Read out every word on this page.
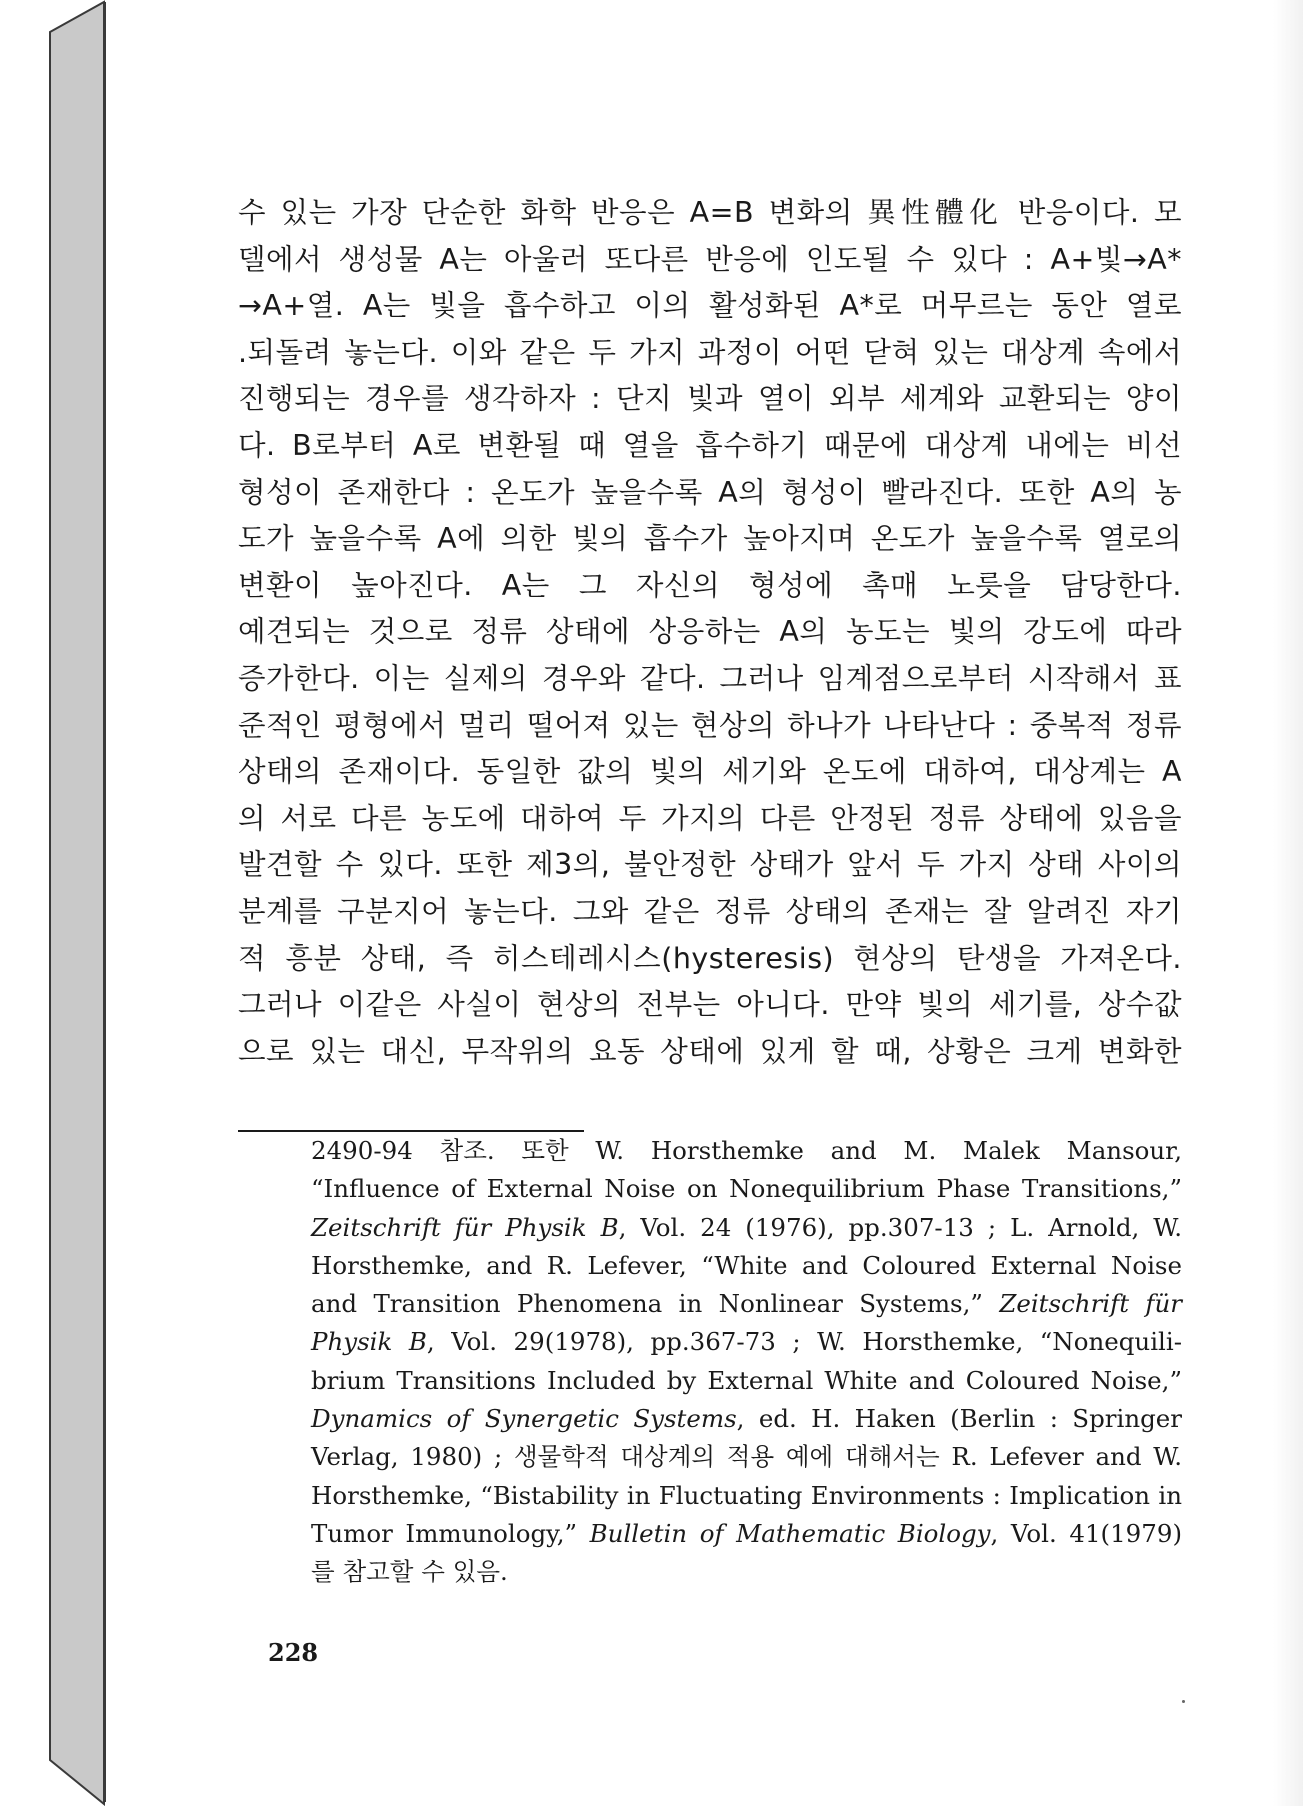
수 있는 가장 단순한 화학 반응은 A=B 변화의 異性體化 반응이다. 모
델에서 생성물 A는 아울러 또다른 반응에 인도될 수 있다 : A+빛→A*
→A+열. A는 빛을 흡수하고 이의 활성화된 A*로 머무르는 동안 열로
.되돌려 놓는다. 이와 같은 두 가지 과정이 어떤 닫혀 있는 대상계 속에서
진행되는 경우를 생각하자 : 단지 빛과 열이 외부 세계와 교환되는 양이
다. B로부터 A로 변환될 때 열을 흡수하기 때문에 대상계 내에는 비선
형성이 존재한다 : 온도가 높을수록 A의 형성이 빨라진다. 또한 A의 농
도가 높을수록 A에 의한 빛의 흡수가 높아지며 온도가 높을수록 열로의
변환이 높아진다. A는 그 자신의 형성에 촉매 노릇을 담당한다.
예견되는 것으로 정류 상태에 상응하는 A의 농도는 빛의 강도에 따라
증가한다. 이는 실제의 경우와 같다. 그러나 임계점으로부터 시작해서 표
준적인 평형에서 멀리 떨어져 있는 현상의 하나가 나타난다 : 중복적 정류
상태의 존재이다. 동일한 값의 빛의 세기와 온도에 대하여, 대상계는 A
의 서로 다른 농도에 대하여 두 가지의 다른 안정된 정류 상태에 있음을
발견할 수 있다. 또한 제3의, 불안정한 상태가 앞서 두 가지 상태 사이의
분계를 구분지어 놓는다. 그와 같은 정류 상태의 존재는 잘 알려진 자기
적 흥분 상태, 즉 히스테레시스(hysteresis) 현상의 탄생을 가져온다.
그러나 이같은 사실이 현상의 전부는 아니다. 만약 빛의 세기를, 상수값
으로 있는 대신, 무작위의 요동 상태에 있게 할 때, 상황은 크게 변화한
2490-94 참조. 또한 W. Horsthemke and M. Malek Mansour,
“Influence of External Noise on Nonequilibrium Phase Transitions,”
Zeitschrift für Physik B, Vol. 24 (1976), pp.307-13 ; L. Arnold, W.
Horsthemke, and R. Lefever, “White and Coloured External Noise
and Transition Phenomena in Nonlinear Systems,” Zeitschrift für
Physik B, Vol. 29(1978), pp.367-73 ; W. Horsthemke, “Nonequili-
brium Transitions Included by External White and Coloured Noise,”
Dynamics of Synergetic Systems, ed. H. Haken (Berlin : Springer
Verlag, 1980) ; 생물학적 대상계의 적용 예에 대해서는 R. Lefever and W.
Horsthemke, “Bistability in Fluctuating Environments : Implication in
Tumor Immunology,” Bulletin of Mathematic Biology, Vol. 41(1979)
를 참고할 수 있음.
228
